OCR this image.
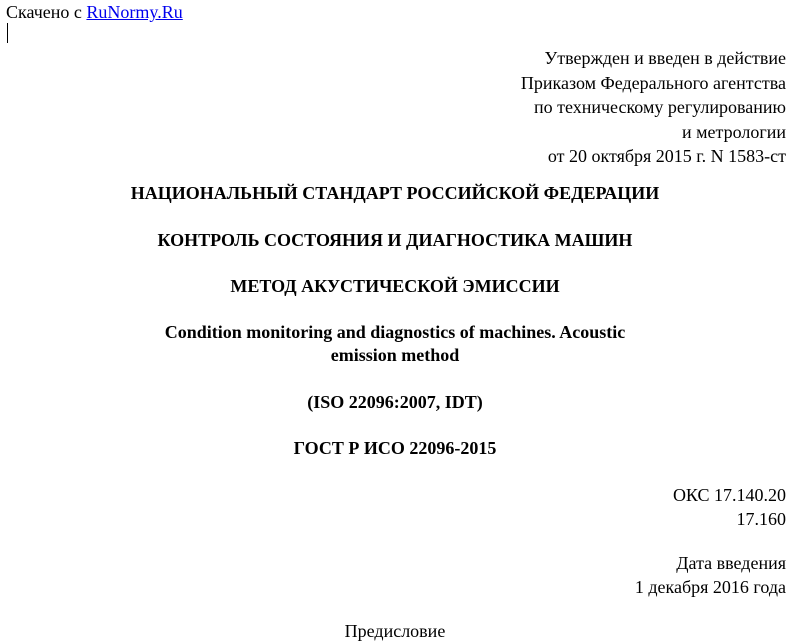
Скачено с RuNormy.Ru
Утвержден и введен в действие
Приказом Федерального агентства
по техническому регулированию
и метрологии
от 20 октября 2015 г. N 1583-ст
НАЦИОНАЛЬНЫЙ СТАНДАРТ РОССИЙСКОЙ ФЕДЕРАЦИИ
КОНТРОЛЬ СОСТОЯНИЯ И ДИАГНОСТИКА МАШИН
МЕТОД АКУСТИЧЕСКОЙ ЭМИССИИ
Condition monitoring and diagnostics of machines. Acoustic
emission method
(ISO 22096:2007, IDT)
ГОСТ Р ИСО 22096-2015
ОКС 17.140.20
17.160
Дата введения
1 декабря 2016 года
Предисловие
